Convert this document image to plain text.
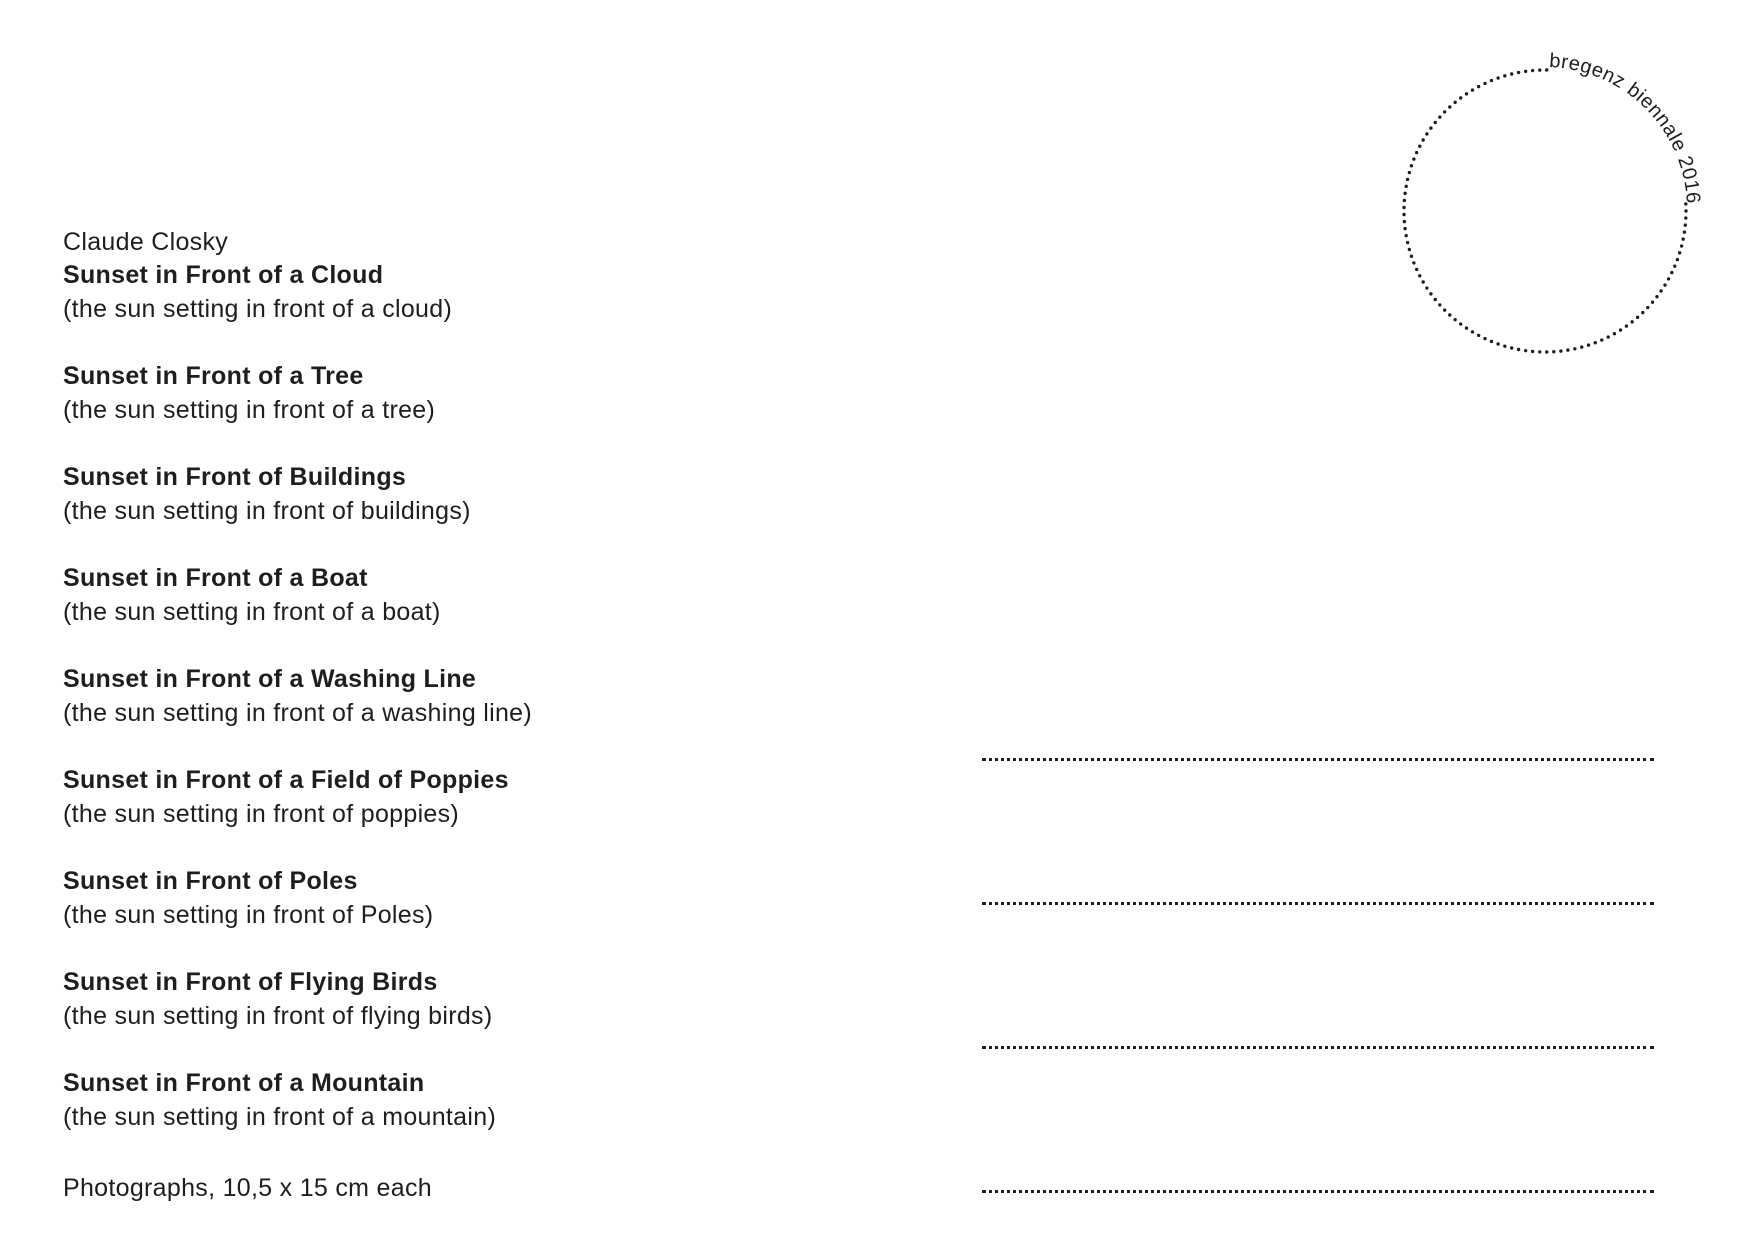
Claude Closky
Sunset in Front of a Cloud
(the sun setting in front of a cloud)
Sunset in Front of a Tree
(the sun setting in front of a tree)
Sunset in Front of Buildings
(the sun setting in front of buildings)
Sunset in Front of a Boat
(the sun setting in front of a boat)
Sunset in Front of a Washing Line
(the sun setting in front of a washing line)
Sunset in Front of a Field of Poppies
(the sun setting in front of poppies)
Sunset in Front of Poles
(the sun setting in front of Poles)
Sunset in Front of Flying Birds
(the sun setting in front of flying birds)
Sunset in Front of a Mountain
(the sun setting in front of a mountain)
Photographs, 10,5 x 15 cm each
bregenz biennale 2016
